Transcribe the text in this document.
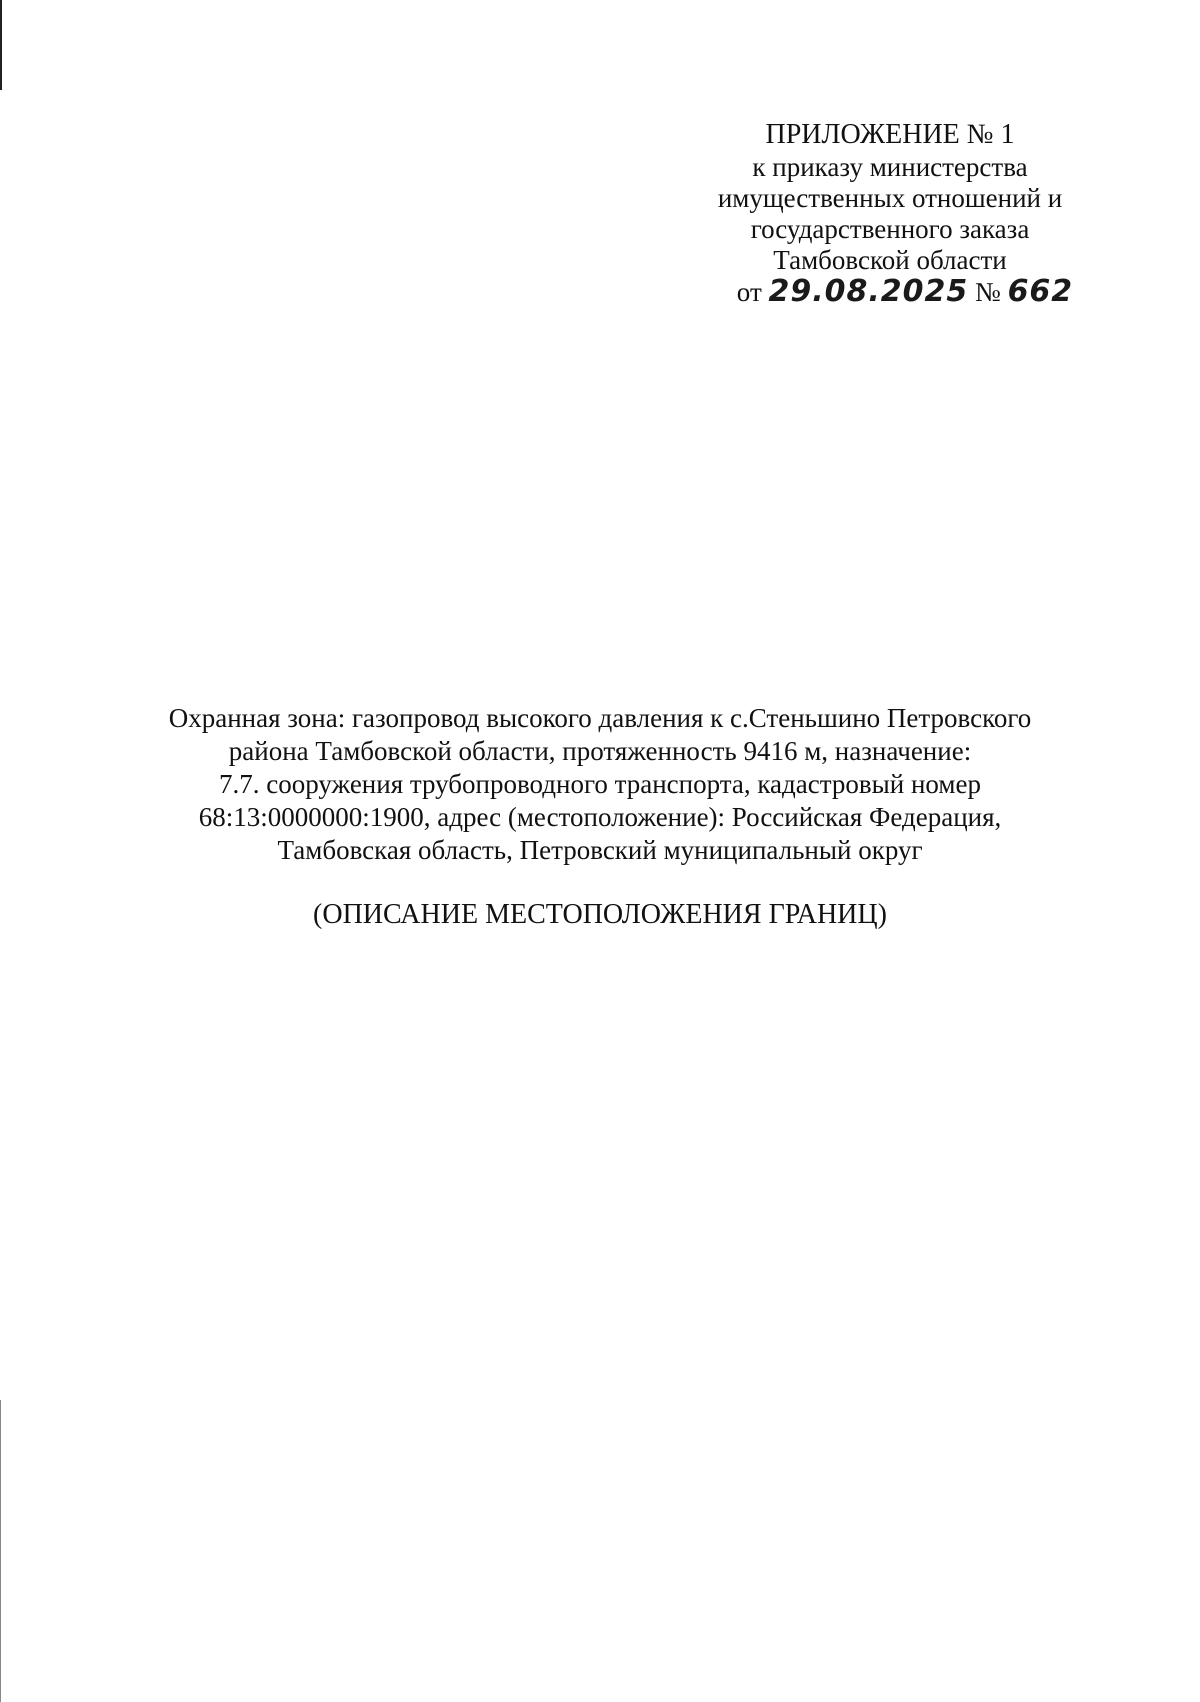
ПРИЛОЖЕНИЕ № 1
к приказу министерства
имущественных отношений и
государственного заказа
Тамбовской области
от 29.08.2025 № 662
Охранная зона: газопровод высокого давления к с.Стеньшино Петровского
района Тамбовской области, протяженность 9416 м, назначение:
7.7. сооружения трубопроводного транспорта, кадастровый номер
68:13:0000000:1900, адрес (местоположение): Российская Федерация,
Тамбовская область, Петровский муниципальный округ
(ОПИСАНИЕ МЕСТОПОЛОЖЕНИЯ ГРАНИЦ)
